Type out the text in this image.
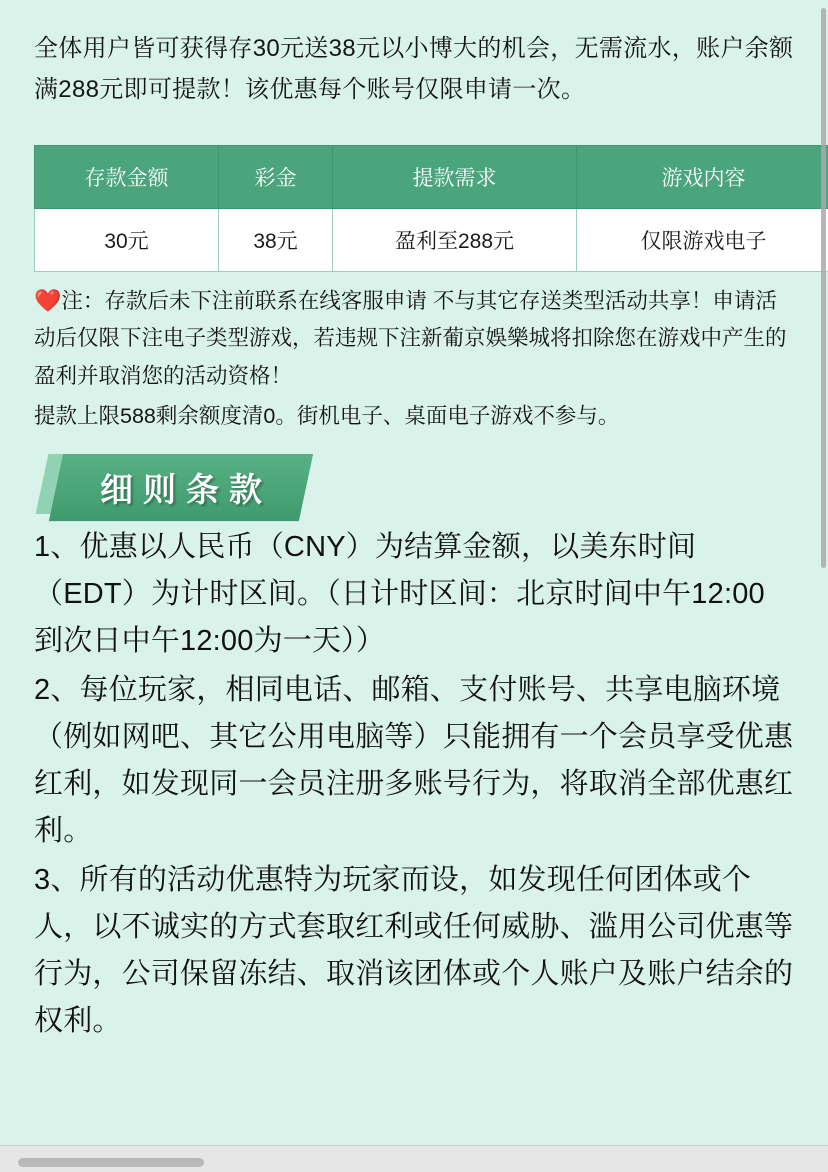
全体用户皆可获得存30元送38元以小博大的机会，无需流水，账户余额满288元即可提款！该优惠每个账号仅限申请一次。

存款金额	彩金	提款需求	游戏内容
30元	38元	盈利至288元	仅限游戏电子

❤️注：存款后未下注前联系在线客服申请 不与其它存送类型活动共享！申请活动后仅限下注电子类型游戏，若违规下注新葡京娛樂城将扣除您在游戏中产生的盈利并取消您的活动资格！

提款上限588剩余额度清0。街机电子、桌面电子游戏不参与。

细则条款

1、优惠以人民币（CNY）为结算金额，以美东时间（EDT）为计时区间。（日计时区间：北京时间中午12:00到次日中午12:00为一天））

2、每位玩家，相同电话、邮箱、支付账号、共享电脑环境（例如网吧、其它公用电脑等）只能拥有一个会员享受优惠红利，如发现同一会员注册多账号行为，将取消全部优惠红利。

3、所有的活动优惠特为玩家而设，如发现任何团体或个人，以不诚实的方式套取红利或任何威胁、滥用公司优惠等行为，公司保留冻结、取消该团体或个人账户及账户结余的权利。
